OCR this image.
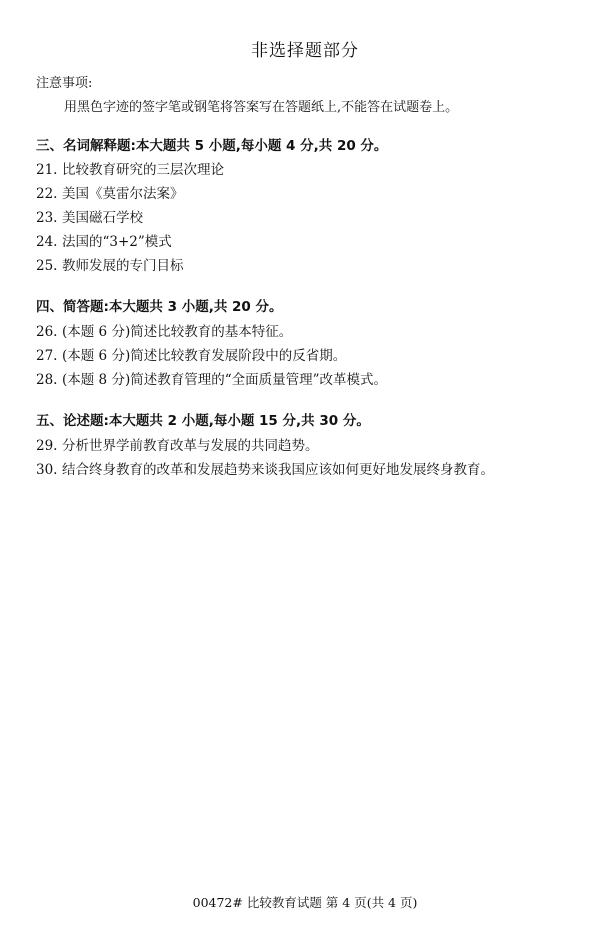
非选择题部分
注意事项:
用黑色字迹的签字笔或钢笔将答案写在答题纸上,不能答在试题卷上。
三、名词解释题:本大题共 5 小题,每小题 4 分,共 20 分。
21. 比较教育研究的三层次理论
22. 美国《莫雷尔法案》
23. 美国磁石学校
24. 法国的“3+2”模式
25. 教师发展的专门目标
四、简答题:本大题共 3 小题,共 20 分。
26. (本题 6 分)简述比较教育的基本特征。
27. (本题 6 分)简述比较教育发展阶段中的反省期。
28. (本题 8 分)简述教育管理的“全面质量管理”改革模式。
五、论述题:本大题共 2 小题,每小题 15 分,共 30 分。
29. 分析世界学前教育改革与发展的共同趋势。
30. 结合终身教育的改革和发展趋势来谈我国应该如何更好地发展终身教育。
00472# 比较教育试题 第 4 页(共 4 页)
